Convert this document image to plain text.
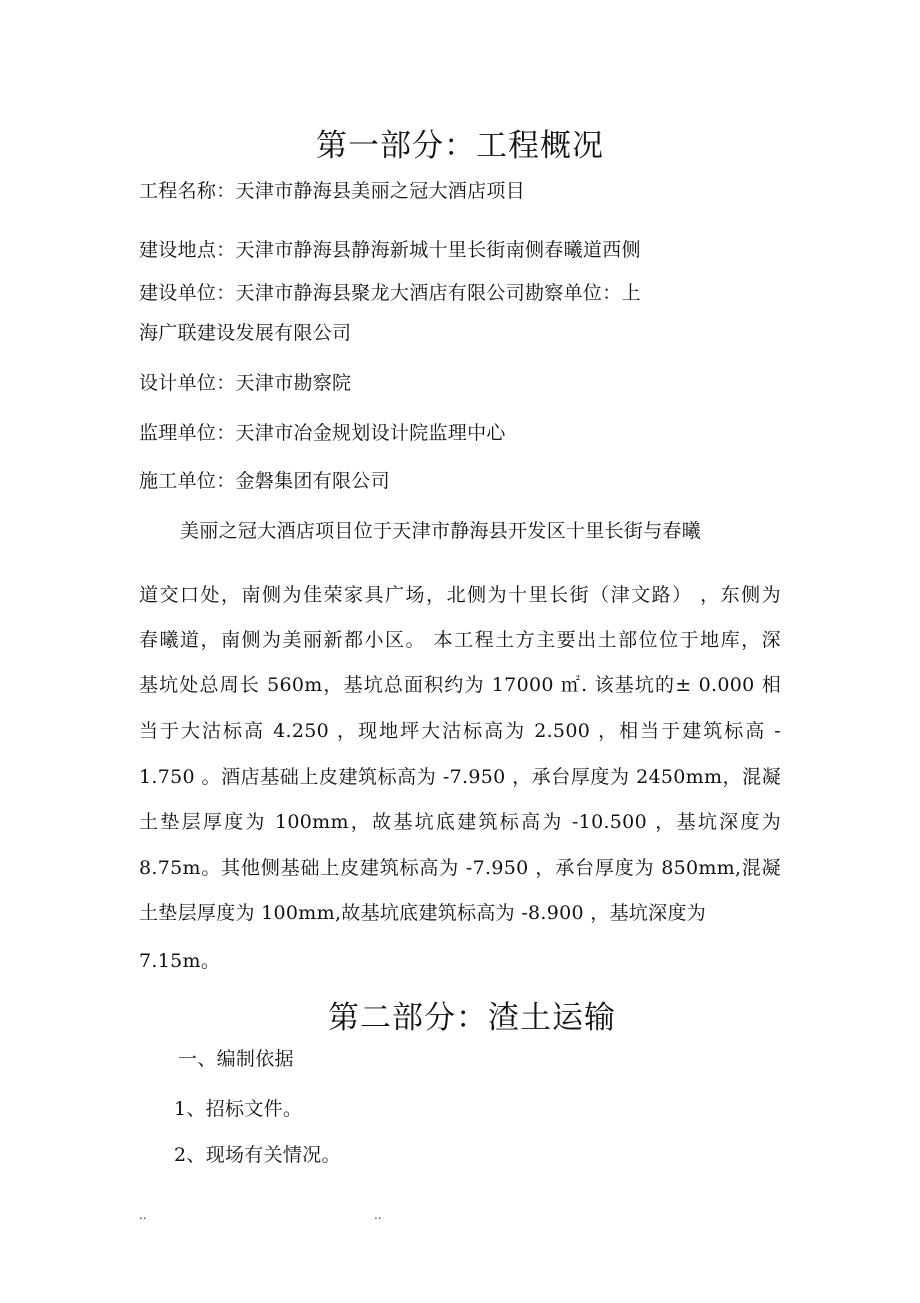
第一部分：工程概况
工程名称：天津市静海县美丽之冠大酒店项目
建设地点：天津市静海县静海新城十里长街南侧春曦道西侧
建设单位：天津市静海县聚龙大酒店有限公司勘察单位：上
海广联建设发展有限公司
设计单位：天津市勘察院
监理单位：天津市冶金规划设计院监理中心
施工单位：金磐集团有限公司
美丽之冠大酒店项目位于天津市静海县开发区十里长街与春曦
道交口处，南侧为佳荣家具广场，北侧为十里长街（津文路） ，东侧为
春曦道，南侧为美丽新都小区。 本工程土方主要出土部位位于地库，深
基坑处总周长 560m，基坑总面积约为 17000 ㎡. 该基坑的± 0.000 相
当于大沽标高 4.250 ，现地坪大沽标高为 2.500 ，相当于建筑标高 -
1.750 。酒店基础上皮建筑标高为 -7.950 ，承台厚度为 2450mm，混凝
土垫层厚度为 100mm，故基坑底建筑标高为 -10.500 ，基坑深度为
8.75m。其他侧基础上皮建筑标高为 -7.950 ，承台厚度为 850mm,混凝
土垫层厚度为 100mm,故基坑底建筑标高为 -8.900 ，基坑深度为
7.15m。
第二部分：渣土运输
一、编制依据
1、招标文件。
2、现场有关情况。
..	..
